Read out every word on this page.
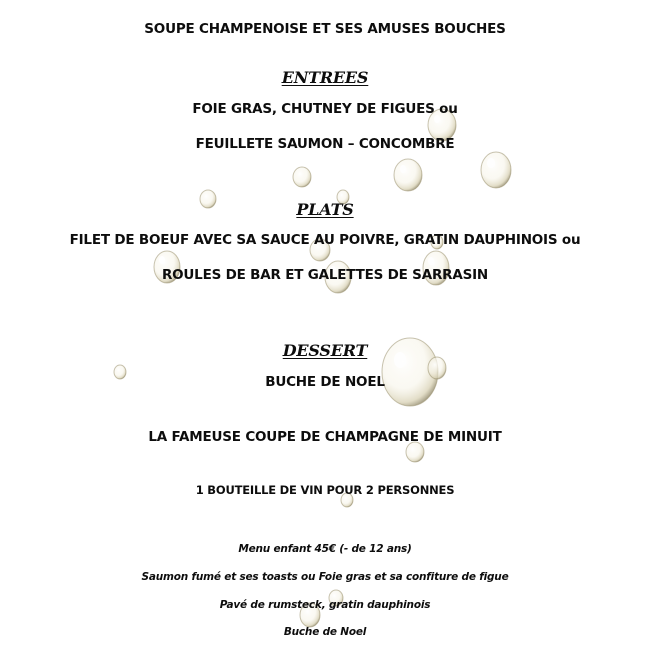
SOUPE CHAMPENOISE ET SES AMUSES BOUCHES
ENTREES
FOIE GRAS, CHUTNEY DE FIGUES ou
FEUILLETE SAUMON – CONCOMBRE
PLATS
FILET DE BOEUF AVEC SA SAUCE AU POIVRE, GRATIN DAUPHINOIS ou
ROULES DE BAR ET GALETTES DE SARRASIN
DESSERT
BUCHE DE NOEL
LA FAMEUSE COUPE DE CHAMPAGNE DE MINUIT
1 BOUTEILLE DE VIN POUR 2 PERSONNES
Menu enfant 45€ (- de 12 ans)
Saumon fumé et ses toasts ou Foie gras et sa confiture de figue
Pavé de rumsteck, gratin dauphinois
Buche de Noel
